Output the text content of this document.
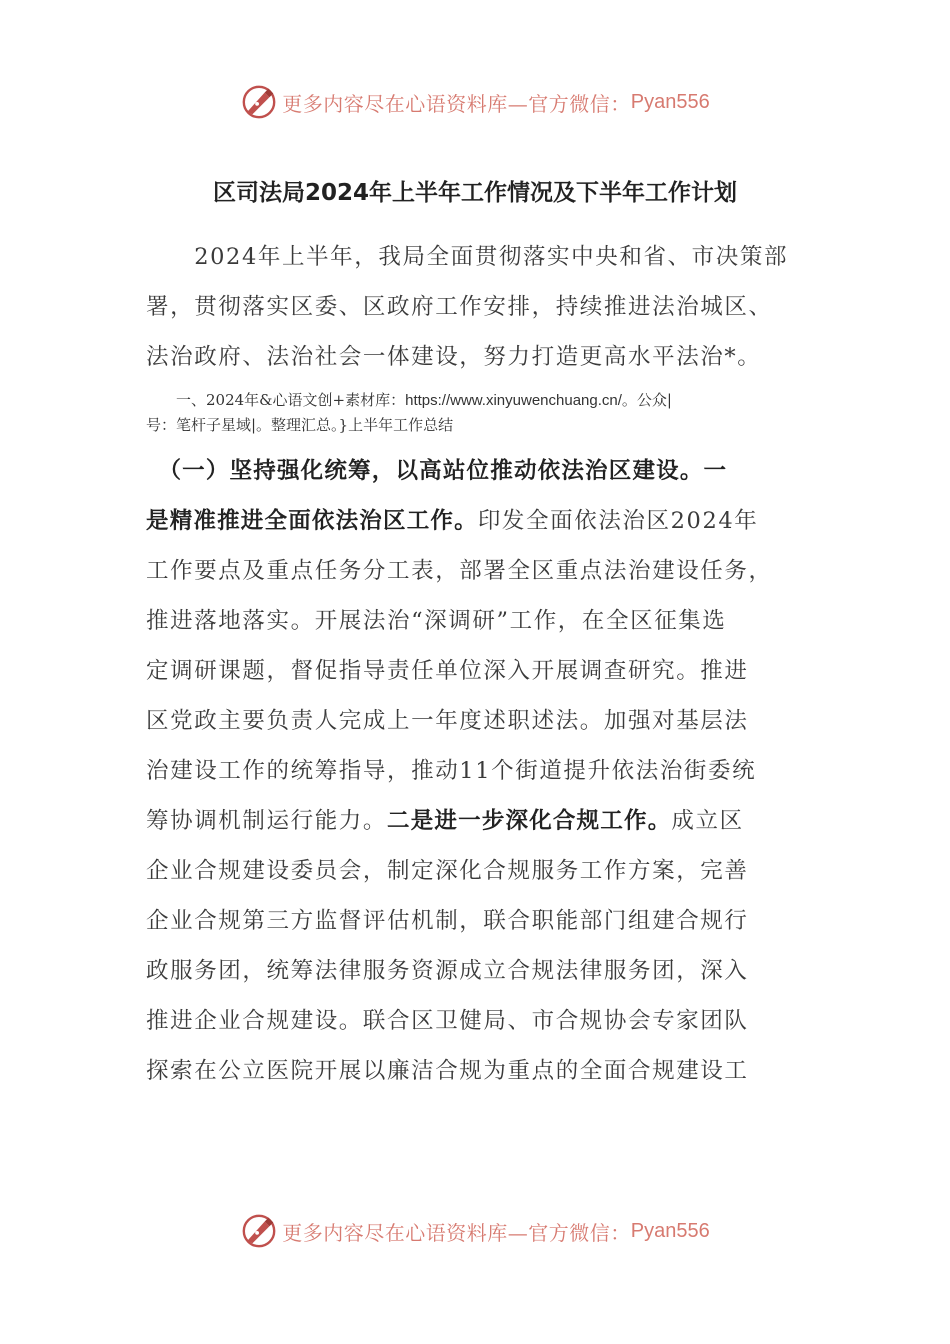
更多内容尽在心语资料库—官方微信： Pyan556
区司法局2024年上半年工作情况及下半年工作计划

　　2024年上半年，我局全面贯彻落实中央和省、市决策部
署，贯彻落实区委、区政府工作安排，持续推进法治城区、
法治政府、法治社会一体建设，努力打造更高水平法治*。

　　一、2024年&心语文创+素材库：https://www.xinyuwenchuang.cn/。公众|
号：笔杆子星域|。整理汇总。}上半年工作总结

　（一）坚持强化统筹，以高站位推动依法治区建设。一
是精准推进全面依法治区工作。印发全面依法治区2024年
工作要点及重点任务分工表，部署全区重点法治建设任务，
推进落地落实。开展法治“深调研”工作，在全区征集选
定调研课题，督促指导责任单位深入开展调查研究。推进
区党政主要负责人完成上一年度述职述法。加强对基层法
治建设工作的统筹指导，推动11个街道提升依法治街委统
筹协调机制运行能力。二是进一步深化合规工作。成立区
企业合规建设委员会，制定深化合规服务工作方案，完善
企业合规第三方监督评估机制，联合职能部门组建合规行
政服务团，统筹法律服务资源成立合规法律服务团，深入
推进企业合规建设。联合区卫健局、市合规协会专家团队
探索在公立医院开展以廉洁合规为重点的全面合规建设工
更多内容尽在心语资料库—官方微信： Pyan556
